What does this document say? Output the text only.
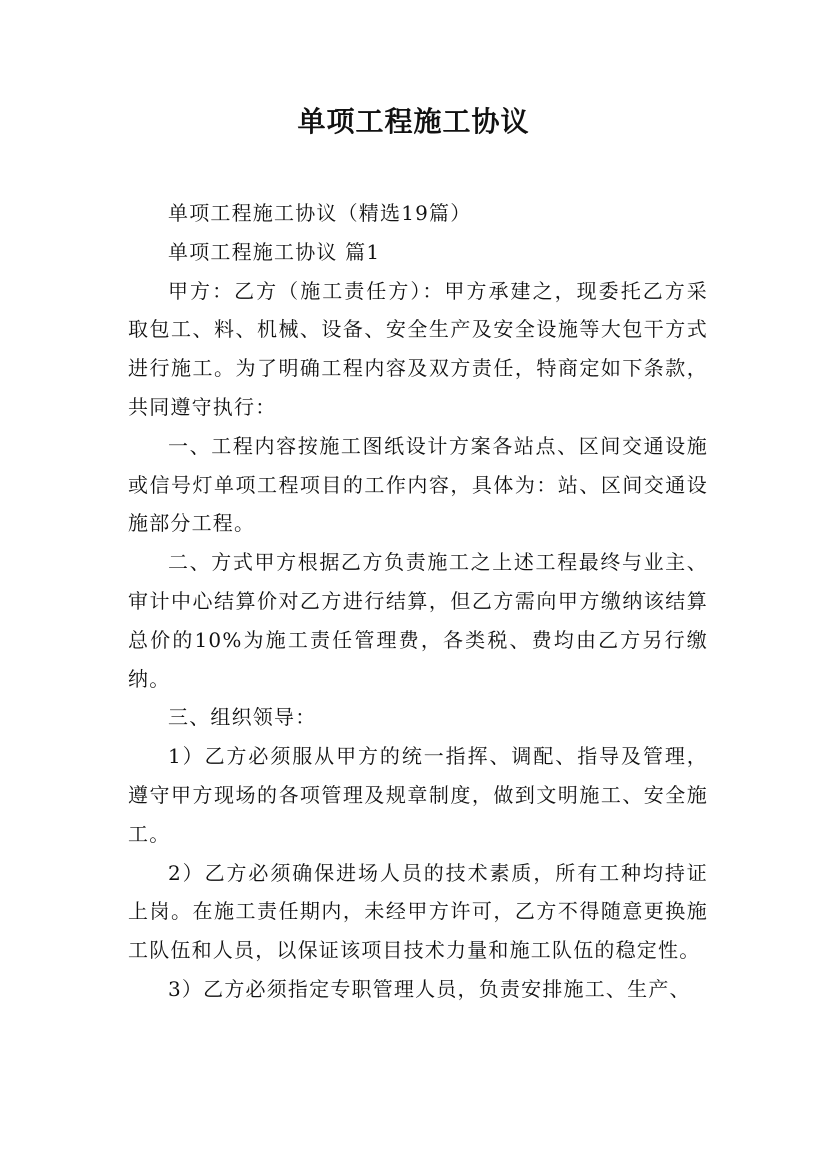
单项工程施工协议

单项工程施工协议（精选19篇）

单项工程施工协议 篇1

甲方：乙方（施工责任方）：甲方承建之，现委托乙方采取包工、料、机械、设备、安全生产及安全设施等大包干方式进行施工。为了明确工程内容及双方责任，特商定如下条款，共同遵守执行：

一、工程内容按施工图纸设计方案各站点、区间交通设施或信号灯单项工程项目的工作内容，具体为：站、区间交通设施部分工程。

二、方式甲方根据乙方负责施工之上述工程最终与业主、审计中心结算价对乙方进行结算，但乙方需向甲方缴纳该结算总价的10%为施工责任管理费，各类税、费均由乙方另行缴纳。

三、组织领导：

1）乙方必须服从甲方的统一指挥、调配、指导及管理，遵守甲方现场的各项管理及规章制度，做到文明施工、安全施工。

2）乙方必须确保进场人员的技术素质，所有工种均持证上岗。在施工责任期内，未经甲方许可，乙方不得随意更换施工队伍和人员，以保证该项目技术力量和施工队伍的稳定性。

3）乙方必须指定专职管理人员，负责安排施工、生产、
